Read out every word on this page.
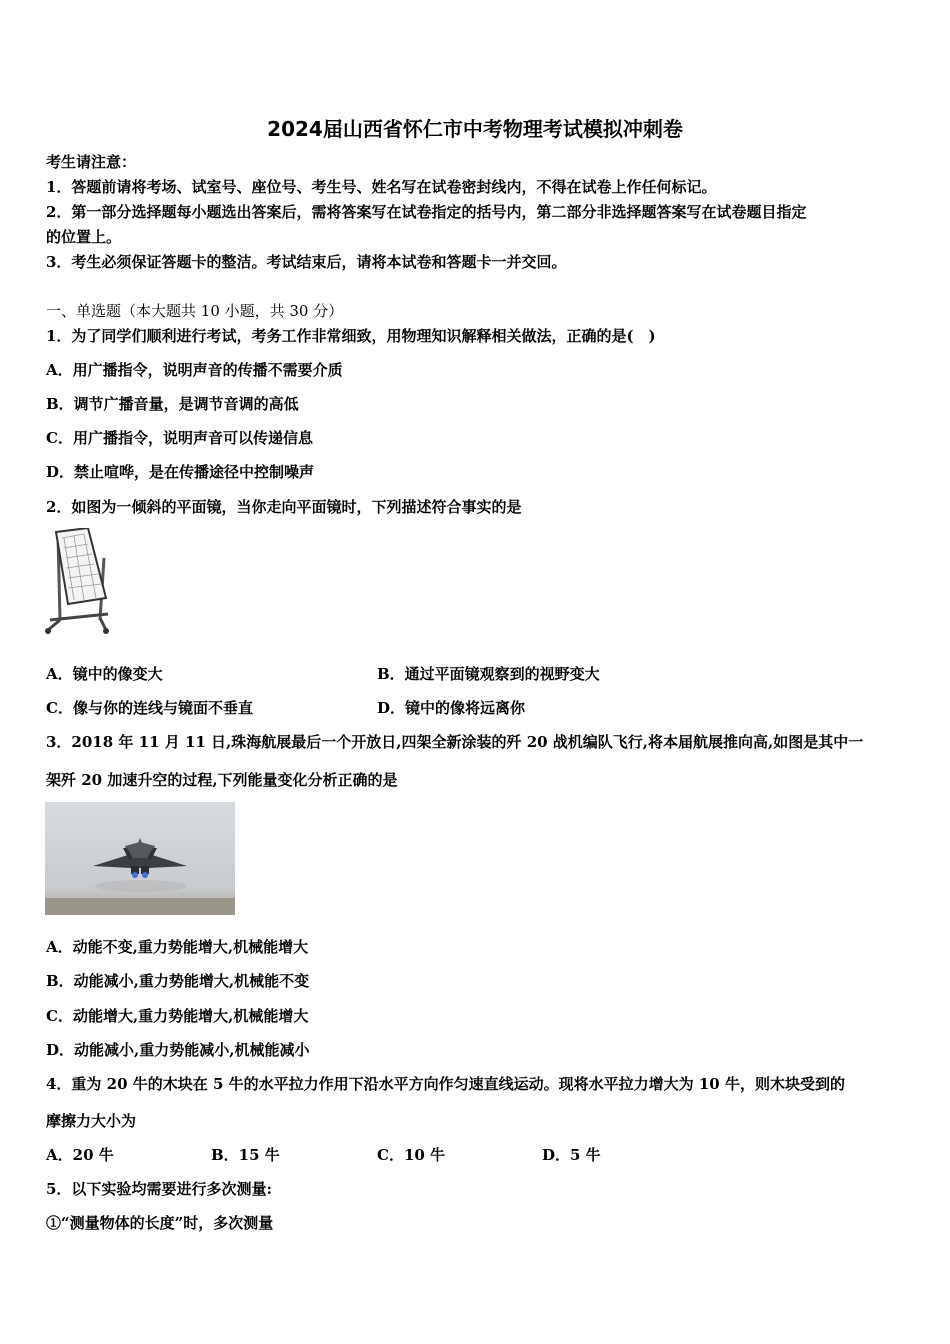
2024届山西省怀仁市中考物理考试模拟冲刺卷
考生请注意：
1．答题前请将考场、试室号、座位号、考生号、姓名写在试卷密封线内，不得在试卷上作任何标记。
2．第一部分选择题每小题选出答案后，需将答案写在试卷指定的括号内，第二部分非选择题答案写在试卷题目指定
的位置上。
3．考生必须保证答题卡的整洁。考试结束后，请将本试卷和答题卡一并交回。
一、单选题（本大题共 10 小题，共 30 分）
1．为了同学们顺利进行考试，考务工作非常细致，用物理知识解释相关做法，正确的是(　)
A．用广播指令，说明声音的传播不需要介质
B．调节广播音量，是调节音调的高低
C．用广播指令，说明声音可以传递信息
D．禁止喧哗，是在传播途径中控制噪声
2．如图为一倾斜的平面镜，当你走向平面镜时，下列描述符合事实的是
A．镜中的像变大	B．通过平面镜观察到的视野变大
C．像与你的连线与镜面不垂直	D．镜中的像将远离你
3．2018 年 11 月 11 日,珠海航展最后一个开放日,四架全新涂装的歼 20 战机编队飞行,将本届航展推向高,如图是其中一
架歼 20 加速升空的过程,下列能量变化分析正确的是
A．动能不变,重力势能增大,机械能增大
B．动能减小,重力势能增大,机械能不变
C．动能增大,重力势能增大,机械能增大
D．动能减小,重力势能减小,机械能减小
4．重为 20 牛的木块在 5 牛的水平拉力作用下沿水平方向作匀速直线运动。现将水平拉力增大为 10 牛，则木块受到的
摩擦力大小为
A．20 牛	B．15 牛	C．10 牛	D．5 牛
5．以下实验均需要进行多次测量:
①“测量物体的长度”时，多次测量
